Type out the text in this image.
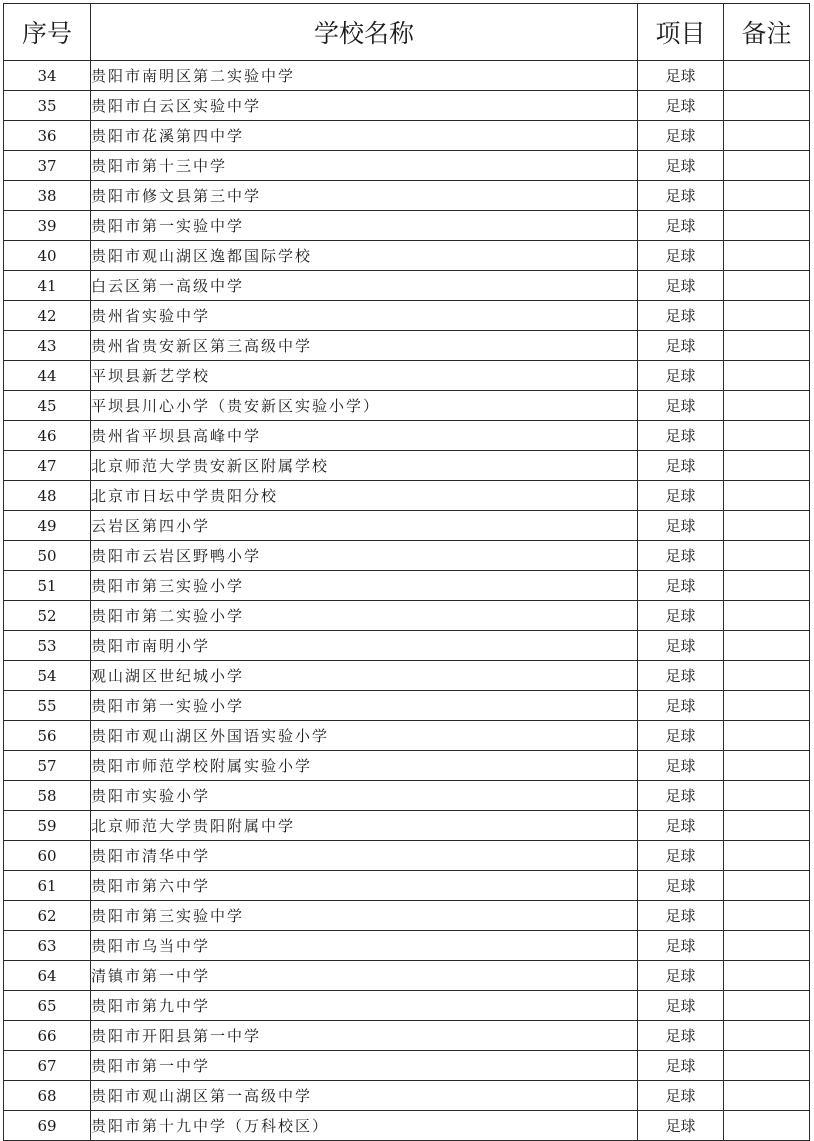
序号	学校名称	项目	备注
34	贵阳市南明区第二实验中学	足球	
35	贵阳市白云区实验中学	足球	
36	贵阳市花溪第四中学	足球	
37	贵阳市第十三中学	足球	
38	贵阳市修文县第三中学	足球	
39	贵阳市第一实验中学	足球	
40	贵阳市观山湖区逸都国际学校	足球	
41	白云区第一高级中学	足球	
42	贵州省实验中学	足球	
43	贵州省贵安新区第三高级中学	足球	
44	平坝县新艺学校	足球	
45	平坝县川心小学（贵安新区实验小学）	足球	
46	贵州省平坝县高峰中学	足球	
47	北京师范大学贵安新区附属学校	足球	
48	北京市日坛中学贵阳分校	足球	
49	云岩区第四小学	足球	
50	贵阳市云岩区野鸭小学	足球	
51	贵阳市第三实验小学	足球	
52	贵阳市第二实验小学	足球	
53	贵阳市南明小学	足球	
54	观山湖区世纪城小学	足球	
55	贵阳市第一实验小学	足球	
56	贵阳市观山湖区外国语实验小学	足球	
57	贵阳市师范学校附属实验小学	足球	
58	贵阳市实验小学	足球	
59	北京师范大学贵阳附属中学	足球	
60	贵阳市清华中学	足球	
61	贵阳市第六中学	足球	
62	贵阳市第三实验中学	足球	
63	贵阳市乌当中学	足球	
64	清镇市第一中学	足球	
65	贵阳市第九中学	足球	
66	贵阳市开阳县第一中学	足球	
67	贵阳市第一中学	足球	
68	贵阳市观山湖区第一高级中学	足球	
69	贵阳市第十九中学（万科校区）	足球	
